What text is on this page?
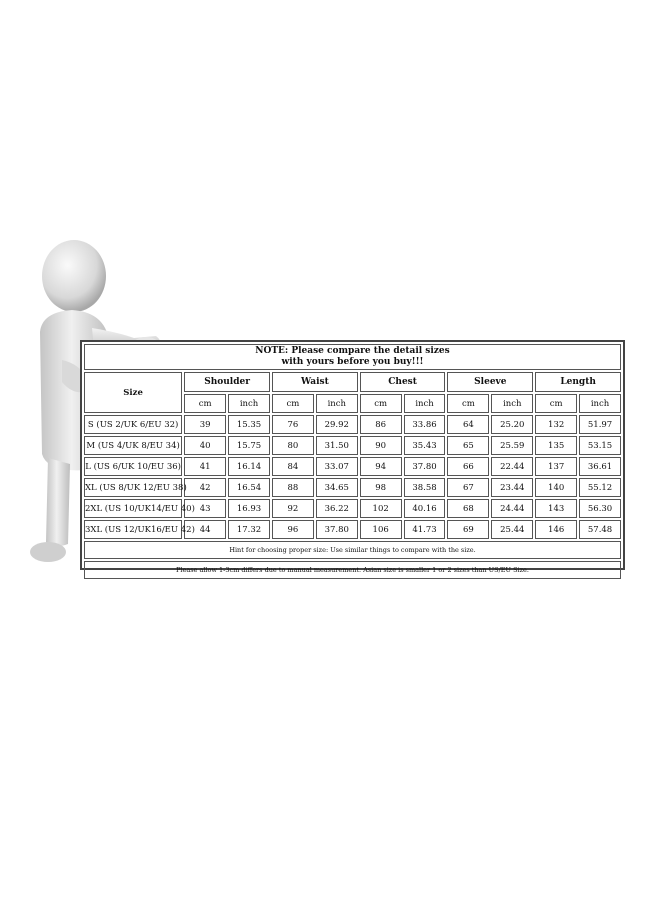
NOTE: Please compare the detail sizes
with yours before you buy!!!										

Size	Shoulder		Waist		Chest		Sleeve		Length	
	cm	inch	cm	inch	cm	inch	cm	inch	cm	inch
S (US 2/UK 6/EU 32)	39	15.35	76	29.92	86	33.86	64	25.20	132	51.97
M (US 4/UK 8/EU 34)	40	15.75	80	31.50	90	35.43	65	25.59	135	53.15
L (US 6/UK 10/EU 36)	41	16.14	84	33.07	94	37.80	66	22.44	137	36.61
XL (US 8/UK 12/EU 38)	42	16.54	88	34.65	98	38.58	67	23.44	140	55.12
2XL (US 10/UK14/EU 40)	43	16.93	92	36.22	102	40.16	68	24.44	143	56.30
3XL (US 12/UK16/EU 42)	44	17.32	96	37.80	106	41.73	69	25.44	146	57.48
Hint for choosing proper size: Use similar things to compare with the size.										
Please allow 1-3cm differs due to manual measurement. Asian size is smaller 1 or 2 sizes than US/EU Size.										
